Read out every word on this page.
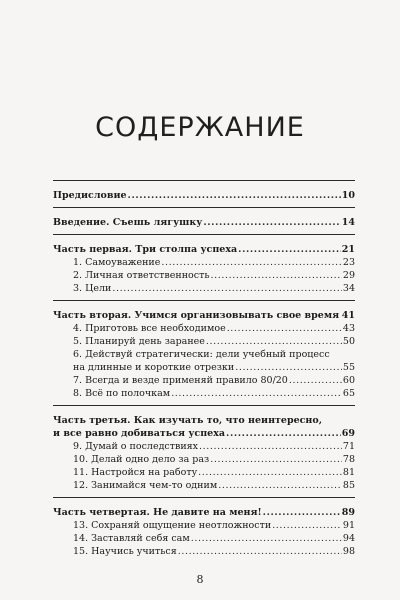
СОДЕРЖАНИЕ
Предисловие .....	10
Введение. Съешь лягушку .....	14
Часть первая. Три столпа успеха .....	21
1. Самоуважение .....	23
2. Личная ответственность .....	29
3. Цели .....	34
Часть вторая. Учимся организовывать свое время ..... 41
4. Приготовь все необходимое .....	43
5. Планируй день заранее .....	50
6. Действуй стратегически: дели учебный процесс
на длинные и короткие отрезки .....	55
7. Всегда и везде применяй правило 80/20 .....	60
8. Всё по полочкам .....	65
Часть третья. Как изучать то, что неинтересно,
и все равно добиваться успеха .....	69
9. Думай о последствиях .....	71
10. Делай одно дело за раз .....	78
11. Настройся на работу .....	81
12. Занимайся чем-то одним .....	85
Часть четвертая. Не давите на меня! .....	89
13. Сохраняй ощущение неотложности .....	91
14. Заставляй себя сам .....	94
15. Научись учиться .....	98
8
